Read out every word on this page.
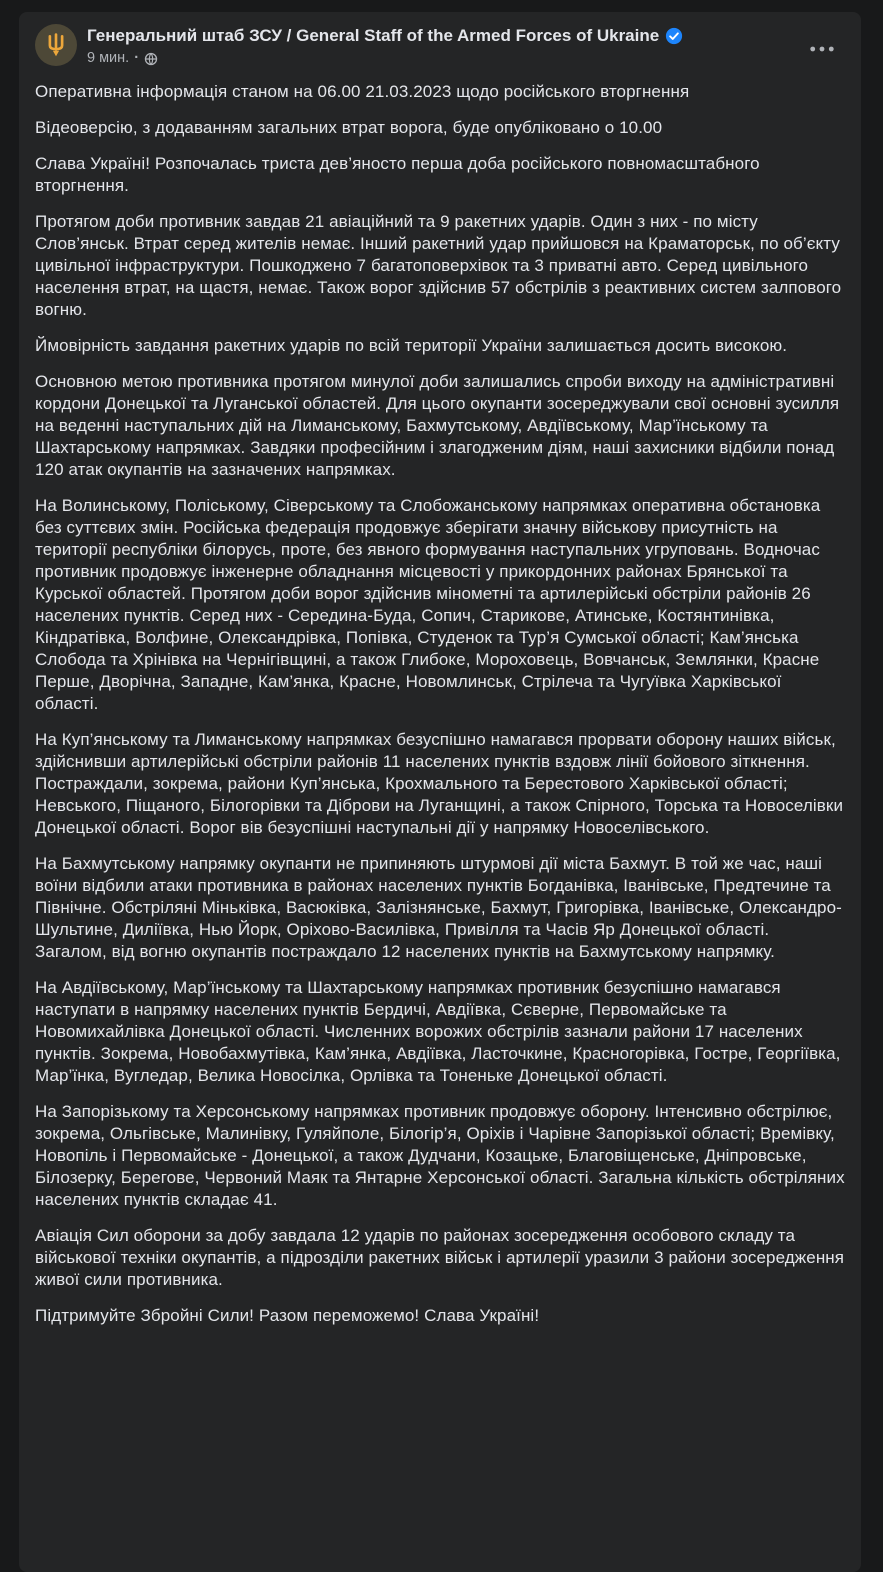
Генеральний штаб ЗСУ / General Staff of the Armed Forces of Ukraine
9 мин. ·

Оперативна інформація станом на 06.00 21.03.2023 щодо російського вторгнення

Відеоверсію, з додаванням загальних втрат ворога, буде опубліковано о 10.00

Слава Україні! Розпочалась триста дев’яносто перша доба російського повномасштабного вторгнення.

Протягом доби противник завдав 21 авіаційний та 9 ракетних ударів. Один з них - по місту Слов’янськ. Втрат серед жителів немає. Інший ракетний удар прийшовся на Краматорськ, по об’єкту цивільної інфраструктури. Пошкоджено 7 багатоповерхівок та 3 приватні авто. Серед цивільного населення втрат, на щастя, немає. Також ворог здійснив 57 обстрілів з реактивних систем залпового вогню.

Ймовірність завдання ракетних ударів по всій території України залишається досить високою.

Основною метою противника протягом минулої доби залишались спроби виходу на адміністративні кордони Донецької та Луганської областей. Для цього окупанти зосереджували свої основні зусилля на веденні наступальних дій на Лиманському, Бахмутському, Авдіївському, Мар’їнському та Шахтарському напрямках. Завдяки професійним і злагодженим діям, наші захисники відбили понад 120 атак окупантів на зазначених напрямках.

На Волинському, Поліському, Сіверському та Слобожанському напрямках оперативна обстановка без суттєвих змін. Російська федерація продовжує зберігати значну військову присутність на території республіки білорусь, проте, без явного формування наступальних угруповань. Водночас противник продовжує інженерне обладнання місцевості у прикордонних районах Брянської та Курської областей. Протягом доби ворог здійснив мінометні та артилерійські обстріли районів 26 населених пунктів. Серед них - Середина-Буда, Сопич, Старикове, Атинське, Костянтинівка, Кіндратівка, Волфине, Олександрівка, Попівка, Студенок та Тур’я Сумської області; Кам’янська Слобода та Хрінівка на Чернігівщині, а також Глибоке, Мороховець, Вовчанськ, Землянки, Красне Перше, Дворічна, Западне, Кам’янка, Красне, Новомлинськ, Стрілеча та Чугуївка Харківської області.

На Куп’янському та Лиманському напрямках безуспішно намагався прорвати оборону наших військ, здійснивши артилерійські обстріли районів 11 населених пунктів вздовж лінії бойового зіткнення. Постраждали, зокрема, райони Куп’янська, Крохмального та Берестового Харківської області; Невського, Піщаного, Білогорівки та Діброви на Луганщині, а також Спірного, Торська та Новоселівки Донецької області. Ворог вів безуспішні наступальні дії у напрямку Новоселівського.

На Бахмутському напрямку окупанти не припиняють штурмові дії міста Бахмут. В той же час, наші воїни відбили атаки противника в районах населених пунктів Богданівка, Іванівське, Предтечине та Північне. Обстріляні Міньківка, Васюківка, Залізнянське, Бахмут, Григорівка, Іванівське, Олександро-Шультине, Диліївка, Нью Йорк, Оріхово-Василівка, Привілля та Часів Яр Донецької області. Загалом, від вогню окупантів постраждало 12 населених пунктів на Бахмутському напрямку.

На Авдіївському, Мар’їнському та Шахтарському напрямках противник безуспішно намагався наступати в напрямку населених пунктів Бердичі, Авдіївка, Сєверне, Первомайське та Новомихайлівка Донецької області. Численних ворожих обстрілів зазнали райони 17 населених пунктів. Зокрема, Новобахмутівка, Кам’янка, Авдіївка, Ласточкине, Красногорівка, Гостре, Георгіївка, Мар’їнка, Вугледар, Велика Новосілка, Орлівка та Тоненьке Донецької області.

На Запорізькому та Херсонському напрямках противник продовжує оборону. Інтенсивно обстрілює, зокрема, Ольгівське, Малинівку, Гуляйполе, Білогір’я, Оріхів і Чарівне Запорізької області; Времівку, Новопіль і Первомайське - Донецької, а також Дудчани, Козацьке, Благовіщенське, Дніпровське, Білозерку, Берегове, Червоний Маяк та Янтарне Херсонської області. Загальна кількість обстріляних населених пунктів складає 41.

Авіація Сил оборони за добу завдала 12 ударів по районах зосередження особового складу та військової техніки окупантів, а підрозділи ракетних військ і артилерії уразили 3 райони зосередження живої сили противника.

Підтримуйте Збройні Сили! Разом переможемо! Слава Україні!
